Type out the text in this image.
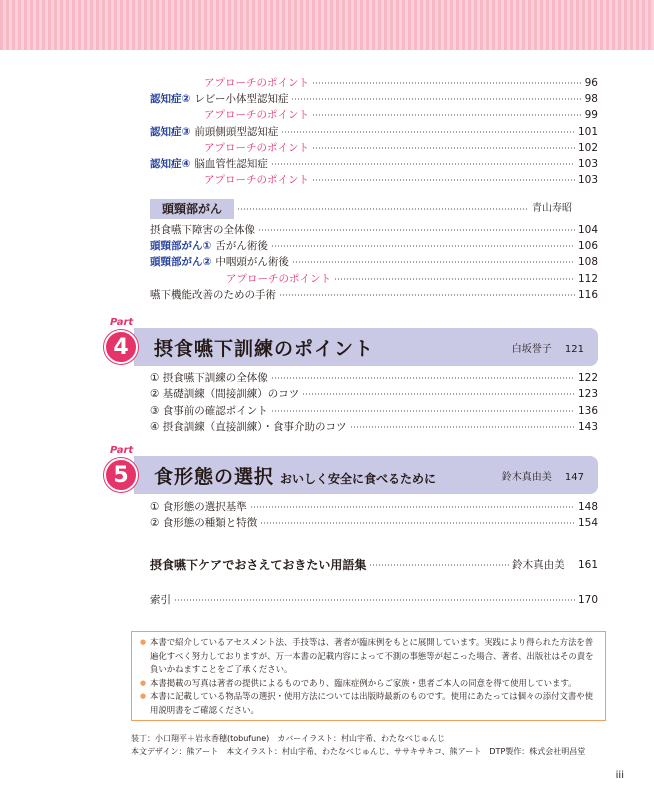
アプローチのポイント	96
認知症② レビー小体型認知症	98
アプローチのポイント	99
認知症③ 前頭側頭型認知症	101
アプローチのポイント	102
認知症④ 脳血管性認知症	103
アプローチのポイント	103
頭頸部がん	青山寿昭
摂食嚥下障害の全体像	104
頭頸部がん① 舌がん術後	106
頭頸部がん② 中咽頭がん術後	108
アプローチのポイント	112
嚥下機能改善のための手術	116
Part
4	摂食嚥下訓練のポイント	白坂誉子 121
① 摂食嚥下訓練の全体像	122
② 基礎訓練（間接訓練）のコツ	123
③ 食事前の確認ポイント	136
④ 摂食訓練（直接訓練）・食事介助のコツ	143
Part
5	食形態の選択 おいしく安全に食べるために	鈴木真由美 147
① 食形態の選択基準	148
② 食形態の種類と特徴	154
摂食嚥下ケアでおさえておきたい用語集	鈴木真由美 161
索引	170
● 本書で紹介しているアセスメント法、手技等は、著者が臨床例をもとに展開しています。実践により得られた方法を普遍化すべく努力しておりますが、万一本書の記載内容によって不測の事態等が起こった場合、著者、出版社はその責を負いかねますことをご了承ください。
● 本書掲載の写真は著者の提供によるものであり、臨床症例からご家族・患者ご本人の同意を得て使用しています。
● 本書に記載している物品等の選択・使用方法については出版時最新のものです。使用にあたっては個々の添付文書や使用説明書をご確認ください。
装丁：小口翔平＋岩永香穂(tobufune)　カバーイラスト：村山宇希、わたなべじゅんじ
本文デザイン：熊アート　本文イラスト：村山宇希、わたなべじゅんじ、ササキサキコ、熊アート　DTP製作：株式会社明昌堂
iii
